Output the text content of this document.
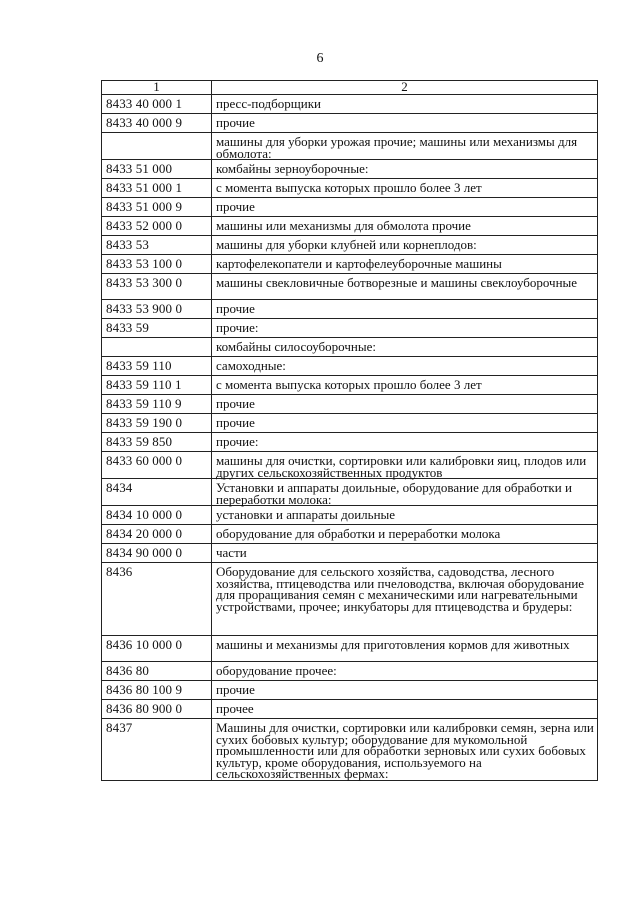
6
1	2

8433 40 000 1	пресс-подборщики

8433 40 000 9	прочие

	машины для уборки урожая прочие; машины или механизмы для обмолота:

8433 51 000	комбайны зерноуборочные:

8433 51 000 1	с момента выпуска которых прошло более 3 лет

8433 51 000 9	прочие

8433 52 000 0	машины или механизмы для обмолота прочие

8433 53	машины для уборки клубней или корнеплодов:

8433 53 100 0	картофелекопатели и картофелеуборочные машины

8433 53 300 0	машины свекловичные ботворезные и машины свеклоуборочные

8433 53 900 0	прочие

8433 59	прочие:

	комбайны силосоуборочные:

8433 59 110	самоходные:

8433 59 110 1	с момента выпуска которых прошло более 3 лет

8433 59 110 9	прочие

8433 59 190 0	прочие

8433 59 850	прочие:

8433 60 000 0	машины для очистки, сортировки или калибровки яиц, плодов или других сельскохозяйственных продуктов

8434	Установки и аппараты доильные, оборудование для обработки и переработки молока:

8434 10 000 0	установки и аппараты доильные

8434 20 000 0	оборудование для обработки и переработки молока

8434 90 000 0	части

8436	Оборудование для сельского хозяйства, садоводства, лесного хозяйства, птицеводства или пчеловодства, включая оборудование для проращивания семян с механическими или нагревательными устройствами, прочее; инкубаторы для птицеводства и брудеры:

8436 10 000 0	машины и механизмы для приготовления кормов для животных

8436 80	оборудование прочее:

8436 80 100 9	прочие

8436 80 900 0	прочее

8437	Машины для очистки, сортировки или калибровки семян, зерна или сухих бобовых культур; оборудование для мукомольной промышленности или для обработки зерновых или сухих бобовых культур, кроме оборудования, используемого на сельскохозяйственных фермах:
